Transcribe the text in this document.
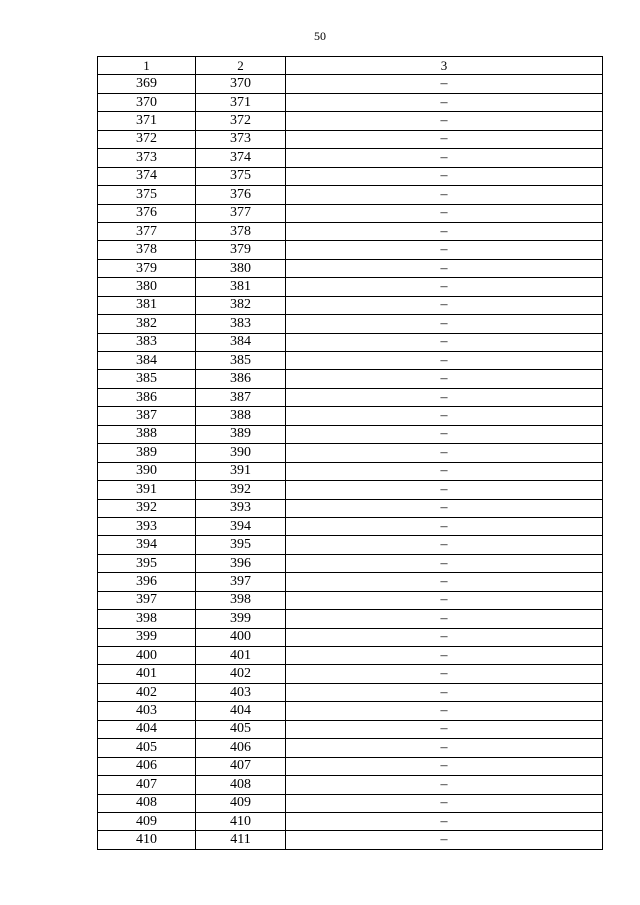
50
1	2	3
369	370	–
370	371	–
371	372	–
372	373	–
373	374	–
374	375	–
375	376	–
376	377	–
377	378	–
378	379	–
379	380	–
380	381	–
381	382	–
382	383	–
383	384	–
384	385	–
385	386	–
386	387	–
387	388	–
388	389	–
389	390	–
390	391	–
391	392	–
392	393	–
393	394	–
394	395	–
395	396	–
396	397	–
397	398	–
398	399	–
399	400	–
400	401	–
401	402	–
402	403	–
403	404	–
404	405	–
405	406	–
406	407	–
407	408	–
408	409	–
409	410	–
410	411	–
